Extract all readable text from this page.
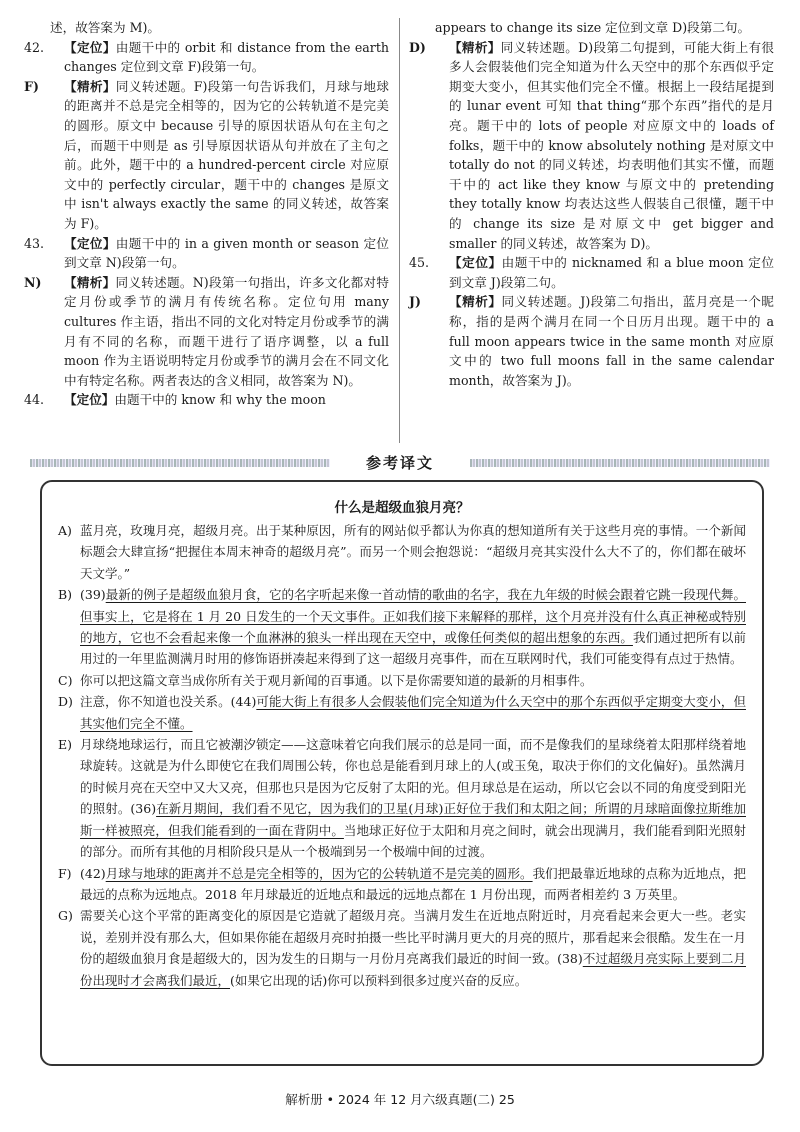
述，故答案为 M)。
42.	【定位】由题干中的 orbit 和 distance from the earth changes 定位到文章 F)段第一句。
F)	【精析】同义转述题。F)段第一句告诉我们，月球与地球的距离并不总是完全相等的，因为它的公转轨道不是完美的圆形。原文中 because 引导的原因状语从句在主句之后，而题干中则是 as 引导原因状语从句并放在了主句之前。此外，题干中的 a hundred-percent circle 对应原文中的 perfectly circular，题干中的 changes 是原文中 isn't always exactly the same 的同义转述，故答案为 F)。
43.	【定位】由题干中的 in a given month or season 定位到文章 N)段第一句。
N)	【精析】同义转述题。N)段第一句指出，许多文化都对特定月份或季节的满月有传统名称。定位句用 many cultures 作主语，指出不同的文化对特定月份或季节的满月有不同的名称，而题干进行了语序调整，以 a full moon 作为主语说明特定月份或季节的满月会在不同文化中有特定名称。两者表达的含义相同，故答案为 N)。
44.	【定位】由题干中的 know 和 why the moon
appears to change its size 定位到文章 D)段第二句。
D)	【精析】同义转述题。D)段第二句提到，可能大街上有很多人会假装他们完全知道为什么天空中的那个东西似乎定期变大变小，但其实他们完全不懂。根据上一段结尾提到的 lunar event 可知 that thing“那个东西”指代的是月亮。题干中的 lots of people 对应原文中的 loads of folks，题干中的 know absolutely nothing 是对原文中 totally do not 的同义转述，均表明他们其实不懂，而题干中的 act like they know 与原文中的 pretending they totally know 均表达这些人假装自己很懂，题干中的 change its size 是对原文中 get bigger and smaller 的同义转述，故答案为 D)。
45.	【定位】由题干中的 nicknamed 和 a blue moon 定位到文章 J)段第二句。
J)	【精析】同义转述题。J)段第二句指出，蓝月亮是一个昵称，指的是两个满月在同一个日历月出现。题干中的 a full moon appears twice in the same month 对应原文中的 two full moons fall in the same calendar month，故答案为 J)。
参考译文
什么是超级血狼月亮？
A) 蓝月亮，玫瑰月亮，超级月亮。出于某种原因，所有的网站似乎都认为你真的想知道所有关于这些月亮的事情。一个新闻标题会大肆宣扬“把握住本周末神奇的超级月亮”。而另一个则会抱怨说：“超级月亮其实没什么大不了的，你们都在破坏天文学。”
B) (39)最新的例子是超级血狼月食，它的名字听起来像一首动情的歌曲的名字，我在九年级的时候会跟着它跳一段现代舞。但事实上，它是将在 1 月 20 日发生的一个天文事件。正如我们接下来解释的那样，这个月亮并没有什么真正神秘或特别的地方，它也不会看起来像一个血淋淋的狼头一样出现在天空中，或像任何类似的超出想象的东西。我们通过把所有以前用过的一年里监测满月时用的修饰语拼凑起来得到了这一超级月亮事件，而在互联网时代，我们可能变得有点过于热情。
C) 你可以把这篇文章当成你所有关于观月新闻的百事通。以下是你需要知道的最新的月相事件。
D) 注意，你不知道也没关系。(44)可能大街上有很多人会假装他们完全知道为什么天空中的那个东西似乎定期变大变小，但其实他们完全不懂。
E) 月球绕地球运行，而且它被潮汐锁定——这意味着它向我们展示的总是同一面，而不是像我们的星球绕着太阳那样绕着地球旋转。这就是为什么即使它在我们周围公转，你也总是能看到月球上的人(或玉兔，取决于你们的文化偏好)。虽然满月的时候月亮在天空中又大又亮，但那也只是因为它反射了太阳的光。但月球总是在运动，所以它会以不同的角度受到阳光的照射。(36)在新月期间，我们看不见它，因为我们的卫星(月球)正好位于我们和太阳之间；所谓的月球暗面像拉斯维加斯一样被照亮，但我们能看到的一面在背阴中。当地球正好位于太阳和月亮之间时，就会出现满月，我们能看到阳光照射的部分。而所有其他的月相阶段只是从一个极端到另一个极端中间的过渡。
F) (42)月球与地球的距离并不总是完全相等的，因为它的公转轨道不是完美的圆形。我们把最靠近地球的点称为近地点，把最远的点称为远地点。2018 年月球最近的近地点和最远的远地点都在 1 月份出现，而两者相差约 3 万英里。
G) 需要关心这个平常的距离变化的原因是它造就了超级月亮。当满月发生在近地点附近时，月亮看起来会更大一些。老实说，差别并没有那么大，但如果你能在超级月亮时拍摄一些比平时满月更大的月亮的照片，那看起来会很酷。发生在一月份的超级血狼月食是超级大的，因为发生的日期与一月份月亮离我们最近的时间一致。(38)不过超级月亮实际上要到二月份出现时才会离我们最近，(如果它出现的话)你可以预料到很多过度兴奋的反应。
解析册 • 2024 年 12 月六级真题(二) 25
